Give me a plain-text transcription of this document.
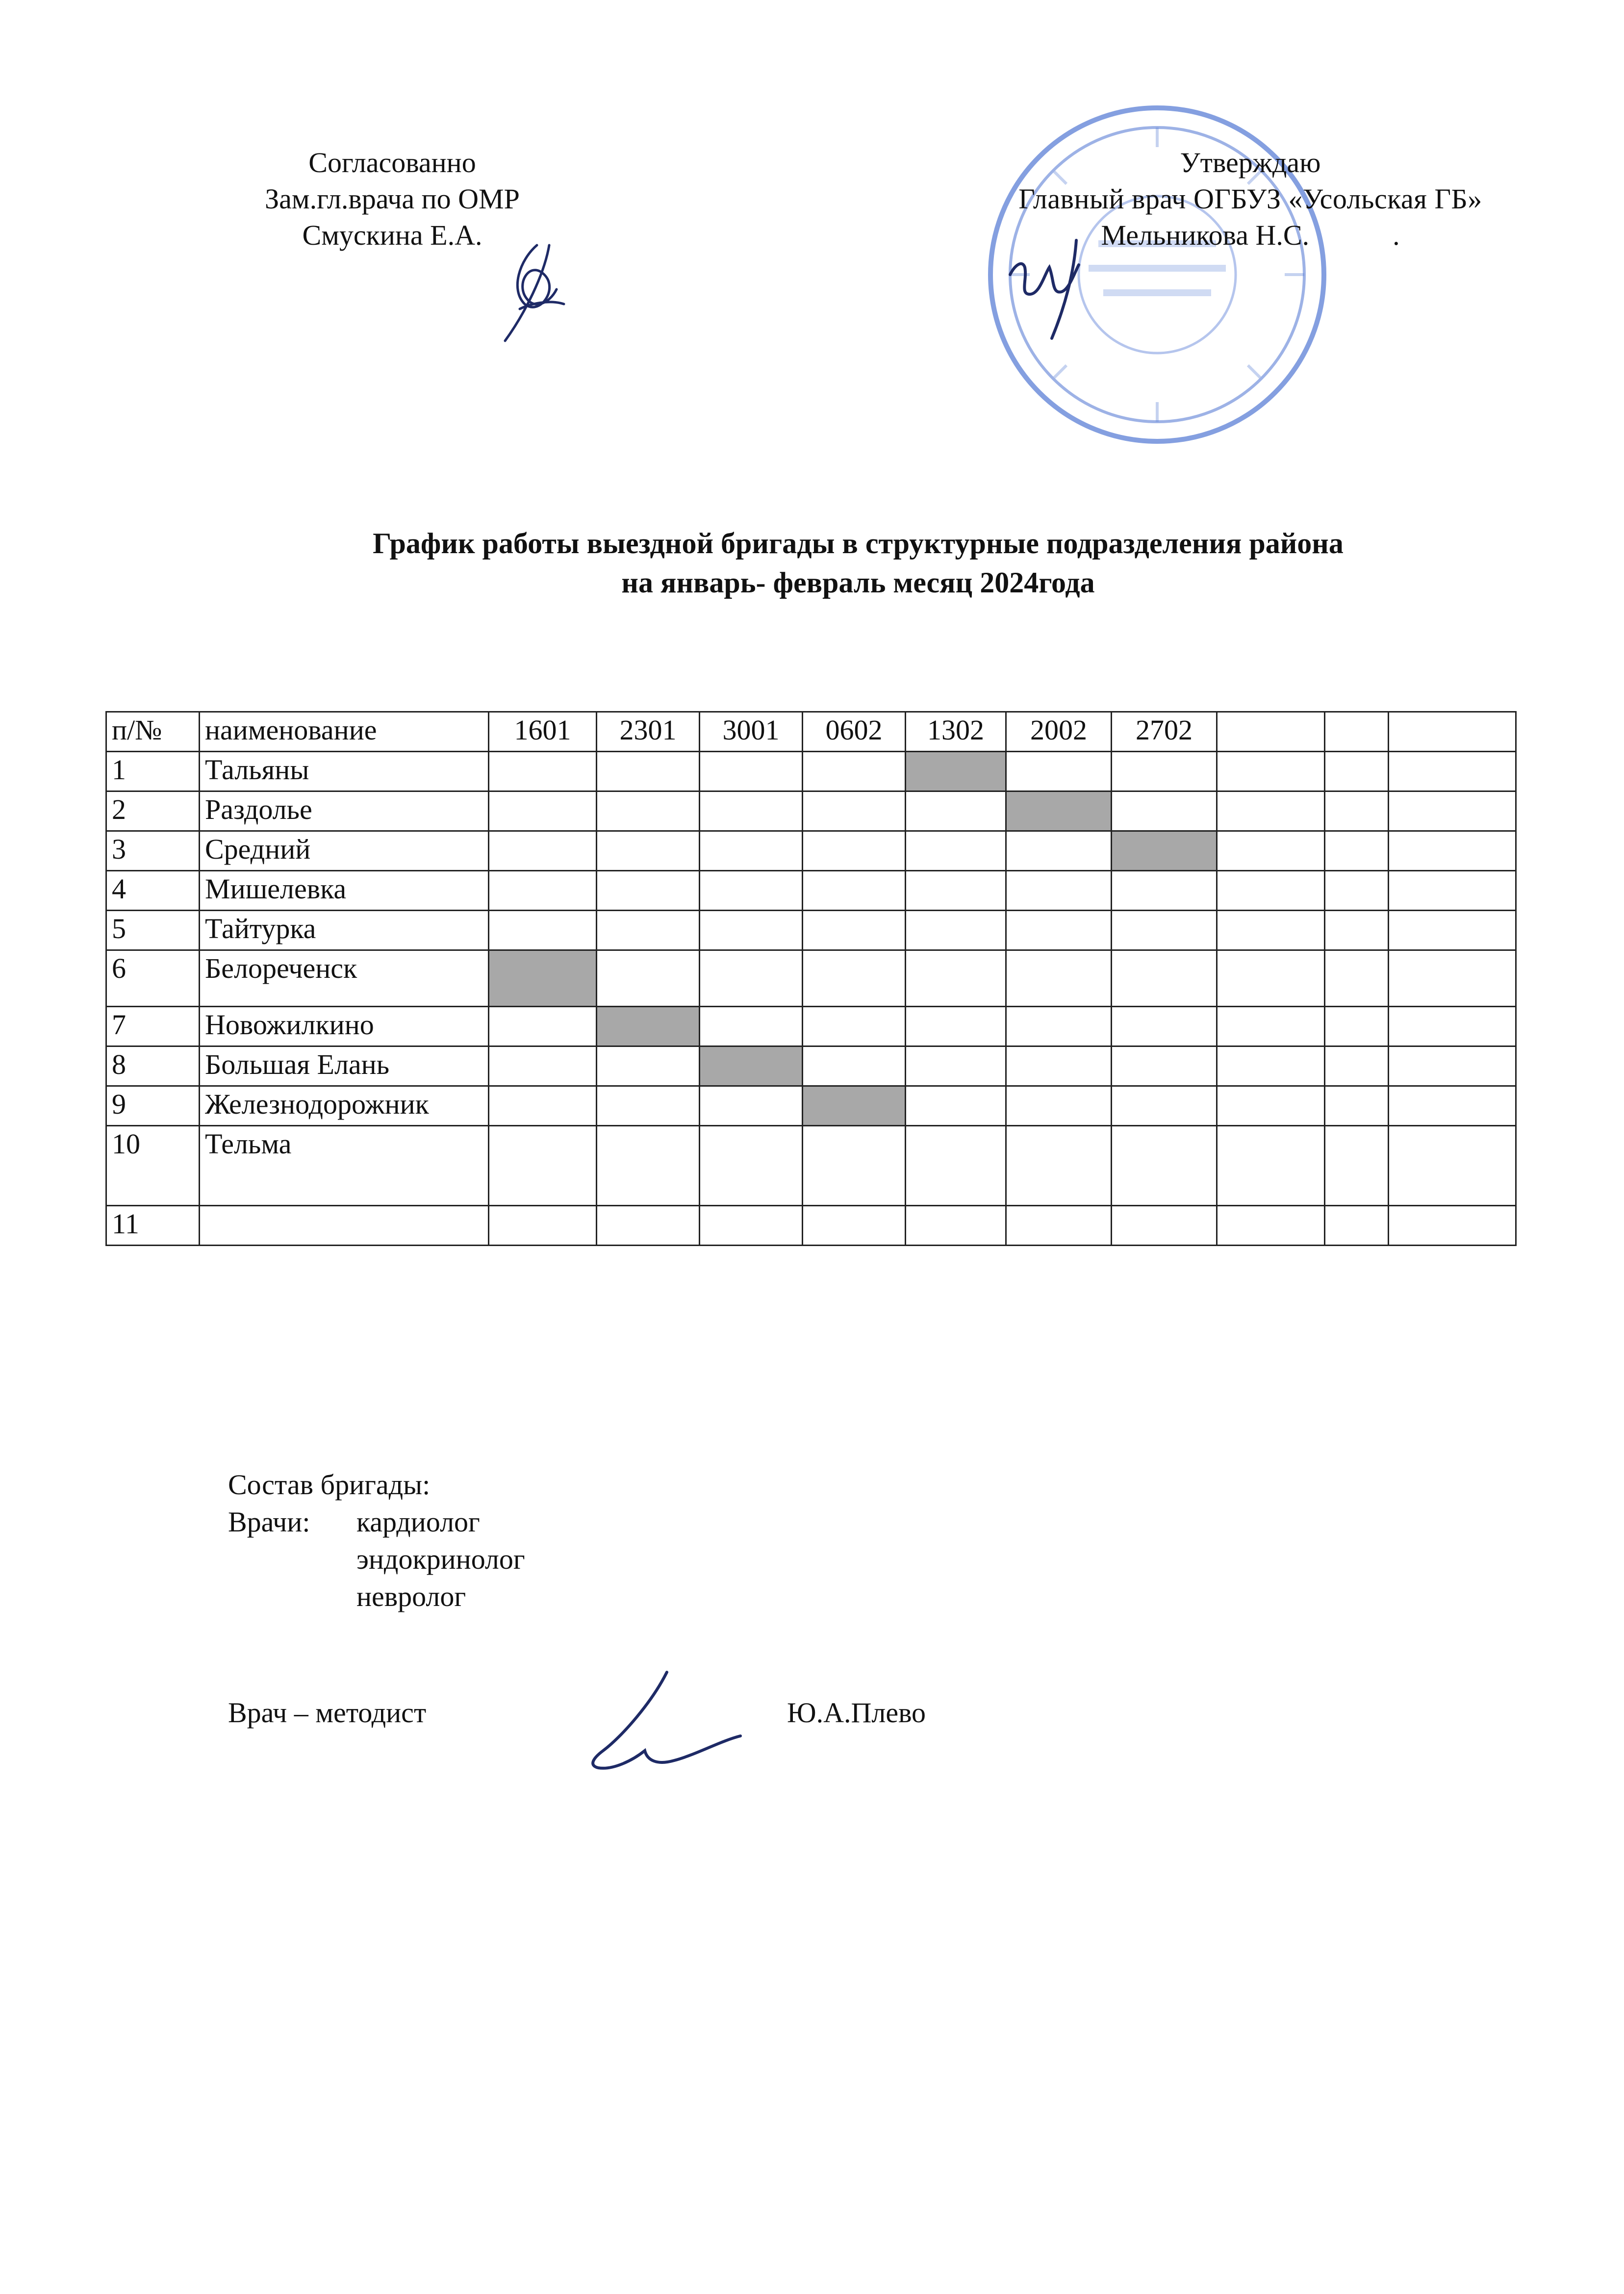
Согласованно
Зам.гл.врача по ОМР
Смускина Е.А.
Утверждаю
Главный врач ОГБУЗ «Усольская ГБ»
Мельникова Н.С.	.
График работы выездной бригады в структурные подразделения района
на январь- февраль месяц 2024года
п/№	наименование	1601	2301	3001	0602	1302	2002	2702			
1	Тальяны										
2	Раздолье										
3	Средний										
4	Мишелевка										
5	Тайтурка										
6	Белореченск										
7	Новожилкино										
8	Большая Елань										
9	Железнодорожник										
10	Тельма										
11											
Состав бригады:
Врачи:	кардиолог
эндокринолог
невролог
Врач – методист	Ю.А.Плево
